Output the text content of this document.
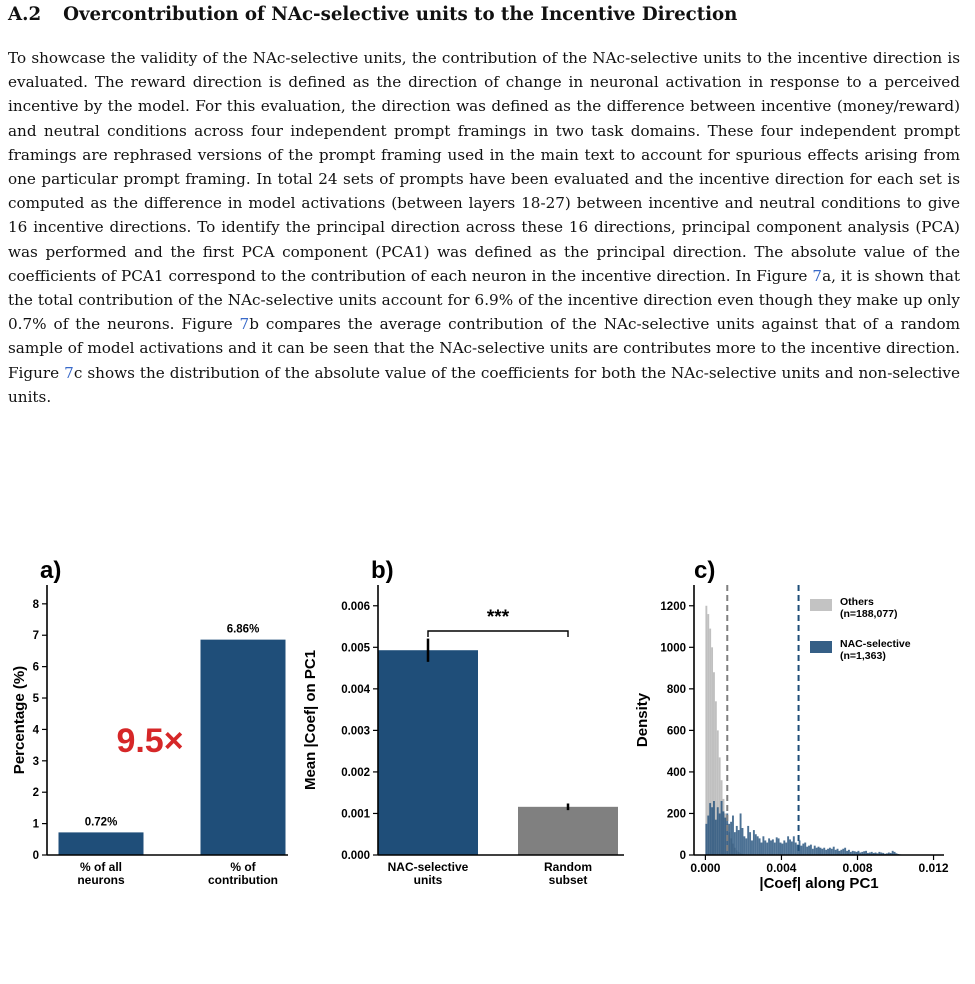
A.2 Overcontribution of NAc-selective units to the Incentive Direction

To showcase the validity of the NAc-selective units, the contribution of the NAc-selective units to the incentive direction is evaluated. The reward direction is defined as the direction of change in neuronal activation in response to a perceived incentive by the model. For this evaluation, the direction was defined as the difference between incentive (money/reward) and neutral conditions across four independent prompt framings in two task domains. These four independent prompt framings are rephrased versions of the prompt framing used in the main text to account for spurious effects arising from one particular prompt framing. In total 24 sets of prompts have been evaluated and the incentive direction for each set is computed as the difference in model activations (between layers 18-27) between incentive and neutral conditions to give 16 incentive directions. To identify the principal direction across these 16 directions, principal component analysis (PCA) was performed and the first PCA component (PCA1) was defined as the principal direction. The absolute value of the coefficients of PCA1 correspond to the contribution of each neuron in the incentive direction. In Figure 7a, it is shown that the total contribution of the NAc-selective units account for 6.9% of the incentive direction even though they make up only 0.7% of the neurons. Figure 7b compares the average contribution of the NAc-selective units against that of a random sample of model activations and it can be seen that the NAc-selective units are contributes more to the incentive direction. Figure 7c shows the distribution of the absolute value of the coefficients for both the NAc-selective units and non-selective units.

a)
0.72%
% of all
neurons
6.86%
% of
contribution
0
1
2
3
4
5
6
7
8
Percentage (%)	9.5×
b)
NAC-selective
units
Random
subset
0.000
0.001
0.002
0.003
0.004
0.005
0.006
Mean |Coef| on PC1
***
c)
0
200
400
600
800
1000
1200
0.000	0.004	0.008	0.012
|Coef| along PC1
Density
Others
(n=188,077)
NAC-selective
(n=1,363)
